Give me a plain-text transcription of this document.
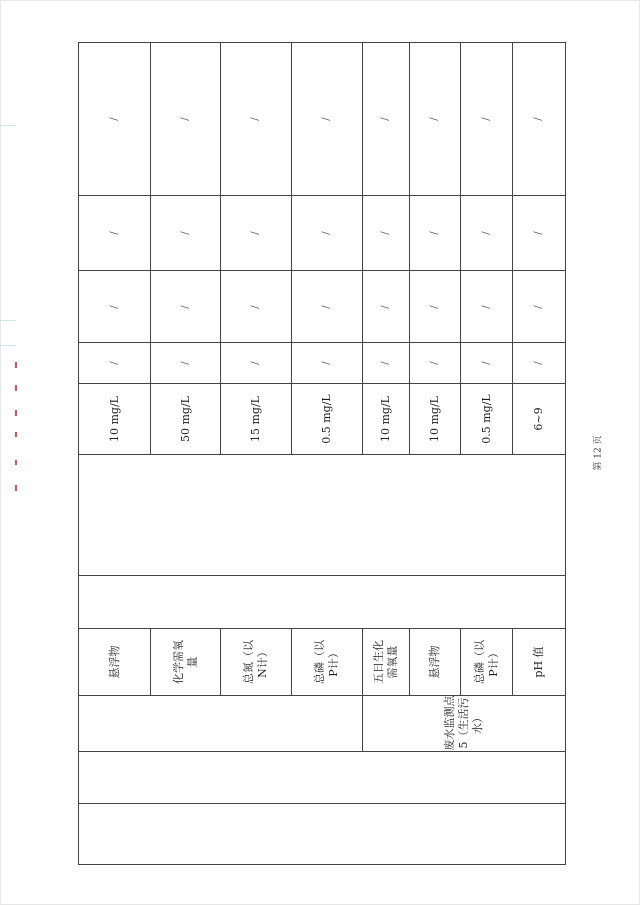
/	/	/	/	/	/	/	/

/	/	/	/	/	/	/	/

/	/	/	/	/	/	/	/

/	/	/	/	/	/	/	/

10 mg/L	50 mg/L	15 mg/L	0.5 mg/L	10 mg/L	10 mg/L	0.5 mg/L	6~9

悬浮物	化学需氧量	总氮（以N计）	总磷（以P计）	五日生化需氧量	悬浮物	总磷（以P计）	pH 值

				废水监测点 5（生活污水）			

第 12 页
